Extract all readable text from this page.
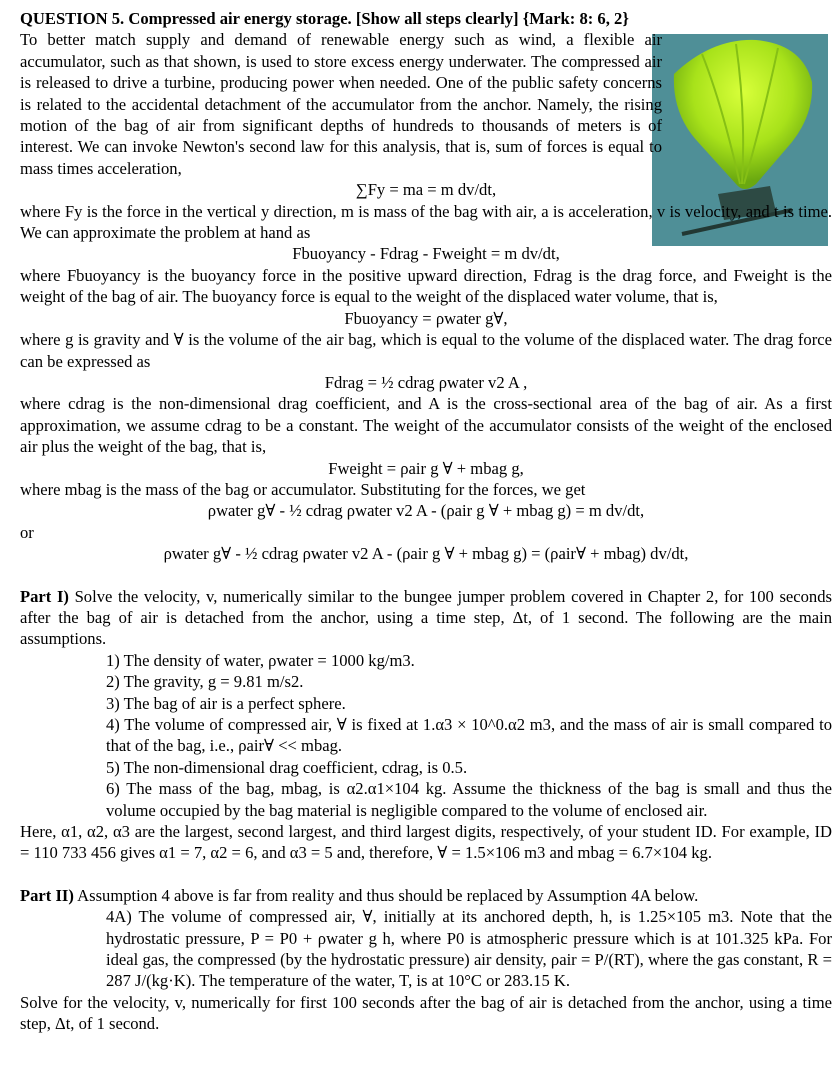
QUESTION 5. Compressed air energy storage. [Show all steps clearly] {Mark: 8: 6, 2}

To better match supply and demand of renewable energy such as wind, a flexible air accumulator, such as that shown, is used to store excess energy underwater. The compressed air is released to drive a turbine, producing power when needed. One of the public safety concerns is related to the accidental detachment of the accumulator from the anchor. Namely, the rising motion of the bag of air from significant depths of hundreds to thousands of meters is of interest. We can invoke Newton's second law for this analysis, that is, sum of forces is equal to mass times acceleration,

∑Fy = ma = m dv/dt,

where Fy is the force in the vertical y direction, m is mass of the bag with air, a is acceleration, v is velocity, and t is time. We can approximate the problem at hand as

Fbuoyancy - Fdrag - Fweight = m dv/dt,

where Fbuoyancy is the buoyancy force in the positive upward direction, Fdrag is the drag force, and Fweight is the weight of the bag of air. The buoyancy force is equal to the weight of the displaced water volume, that is,

Fbuoyancy = ρwater g∀,

where g is gravity and ∀ is the volume of the air bag, which is equal to the volume of the displaced water. The drag force can be expressed as

Fdrag = ½ cdrag ρwater v2 A ,

where cdrag is the non-dimensional drag coefficient, and A is the cross-sectional area of the bag of air. As a first approximation, we assume cdrag to be a constant. The weight of the accumulator consists of the weight of the enclosed air plus the weight of the bag, that is,

Fweight = ρair g ∀ + mbag g,

where mbag is the mass of the bag or accumulator. Substituting for the forces, we get

ρwater g∀ - ½ cdrag ρwater v2 A - (ρair g ∀ + mbag g) = m dv/dt,

or

ρwater g∀ - ½ cdrag ρwater v2 A - (ρair g ∀ + mbag g) = (ρair∀ + mbag) dv/dt,

Part I) Solve the velocity, v, numerically similar to the bungee jumper problem covered in Chapter 2, for 100 seconds after the bag of air is detached from the anchor, using a time step, Δt, of 1 second. The following are the main assumptions.

1) The density of water, ρwater = 1000 kg/m3.

2) The gravity, g = 9.81 m/s2.

3) The bag of air is a perfect sphere.

4) The volume of compressed air, ∀ is fixed at 1.α3 × 10^0.α2 m3, and the mass of air is small compared to that of the bag, i.e., ρair∀ << mbag.

5) The non-dimensional drag coefficient, cdrag, is 0.5.

6) The mass of the bag, mbag, is α2.α1×104 kg. Assume the thickness of the bag is small and thus the volume occupied by the bag material is negligible compared to the volume of enclosed air.

Here, α1, α2, α3 are the largest, second largest, and third largest digits, respectively, of your student ID. For example, ID = 110 733 456 gives α1 = 7, α2 = 6, and α3 = 5 and, therefore, ∀ = 1.5×106 m3 and mbag = 6.7×104 kg.

Part II) Assumption 4 above is far from reality and thus should be replaced by Assumption 4A below.

4A) The volume of compressed air, ∀, initially at its anchored depth, h, is 1.25×105 m3. Note that the hydrostatic pressure, P = P0 + ρwater g h, where P0 is atmospheric pressure which is at 101.325 kPa. For ideal gas, the compressed (by the hydrostatic pressure) air density, ρair = P/(RT), where the gas constant, R = 287 J/(kg·K). The temperature of the water, T, is at 10°C or 283.15 K.

Solve for the velocity, v, numerically for first 100 seconds after the bag of air is detached from the anchor, using a time step, Δt, of 1 second.
